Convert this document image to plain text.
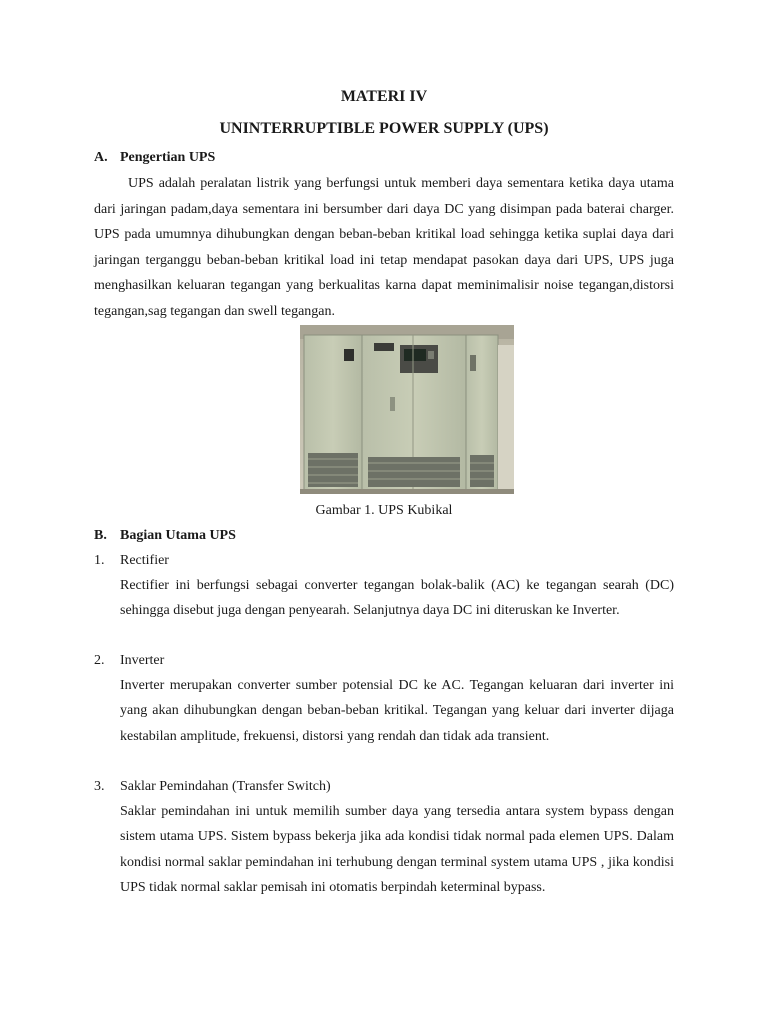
MATERI IV
UNINTERRUPTIBLE POWER SUPPLY (UPS)
A. Pengertian UPS
UPS adalah peralatan listrik yang berfungsi untuk memberi daya sementara ketika daya utama dari jaringan padam,daya sementara ini bersumber dari daya DC yang disimpan pada baterai charger. UPS pada umumnya dihubungkan dengan beban-beban kritikal load sehingga ketika suplai daya dari jaringan terganggu beban-beban kritikal load ini tetap mendapat pasokan daya dari UPS, UPS juga menghasilkan keluaran tegangan yang berkualitas karna dapat meminimalisir noise tegangan,distorsi tegangan,sag tegangan dan swell tegangan.
Gambar 1. UPS Kubikal
B. Bagian Utama UPS
1. Rectifier
Rectifier ini berfungsi sebagai converter tegangan bolak-balik (AC) ke tegangan searah (DC) sehingga disebut juga dengan penyearah. Selanjutnya daya DC ini diteruskan ke Inverter.
2. Inverter
Inverter merupakan converter sumber potensial DC ke AC. Tegangan keluaran dari inverter ini yang akan dihubungkan dengan beban-beban kritikal. Tegangan yang keluar dari inverter dijaga kestabilan amplitude, frekuensi, distorsi yang rendah dan tidak ada transient.
3. Saklar Pemindahan (Transfer Switch)
Saklar pemindahan ini untuk memilih sumber daya yang tersedia antara system bypass dengan sistem utama UPS. Sistem bypass bekerja jika ada kondisi tidak normal pada elemen UPS. Dalam kondisi normal saklar pemindahan ini terhubung dengan terminal system utama UPS , jika kondisi UPS tidak normal saklar pemisah ini otomatis berpindah keterminal bypass.
